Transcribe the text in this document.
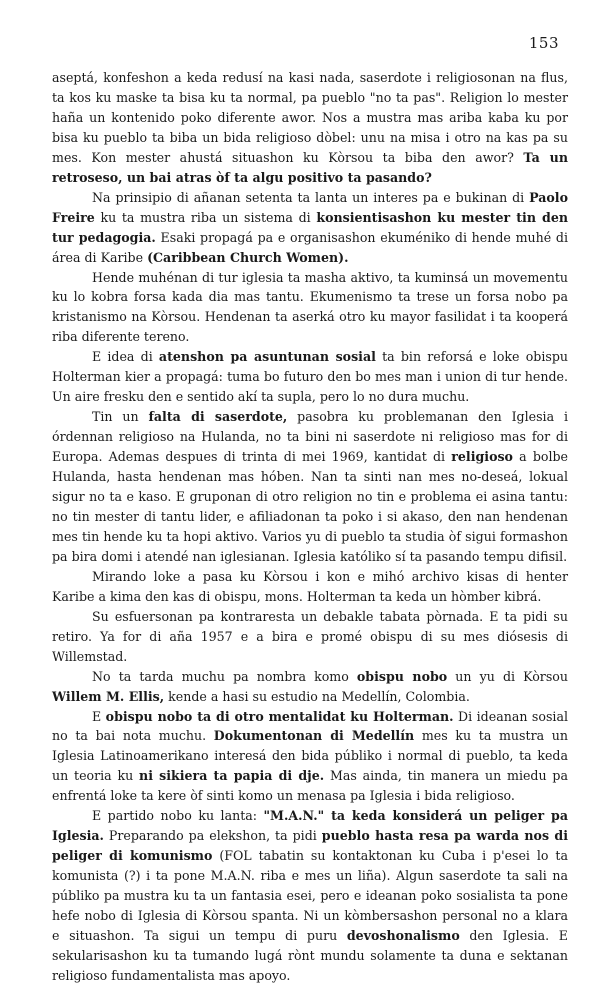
153

aseptá, konfeshon a keda redusí na kasi nada, saserdote i religiosonan na flus, ta kos ku maske ta bisa ku ta normal, pa pueblo "no ta pas". Religion lo mester haña un kontenido poko diferente awor. Nos a mustra mas ariba kaba ku por bisa ku pueblo ta biba un bida religioso dòbel: unu na misa i otro na kas pa su mes. Kon mester ahustá situashon ku Kòrsou ta biba den awor? Ta un retroseso, un bai atras òf ta algu positivo ta pasando?

Na prinsipio di añanan setenta ta lanta un interes pa e bukinan di Paolo Freire ku ta mustra riba un sistema di konsientisashon ku mester tin den tur pedagogia. Esaki propagá pa e organisashon ekuméniko di hende muhé di área di Karibe (Caribbean Church Women).

Hende muhénan di tur iglesia ta masha aktivo, ta kuminsá un movementu ku lo kobra forsa kada dia mas tantu. Ekumenismo ta trese un forsa nobo pa kristanismo na Kòrsou. Hendenan ta aserká otro ku mayor fasilidat i ta kooperá riba diferente tereno.

E idea di atenshon pa asuntunan sosial ta bin reforsá e loke obispu Holterman kier a propagá: tuma bo futuro den bo mes man i union di tur hende. Un aire fresku den e sentido akí ta supla, pero lo no dura muchu.

Tin un falta di saserdote, pasobra ku problemanan den Iglesia i órdennan religioso na Hulanda, no ta bini ni saserdote ni religioso mas for di Europa. Ademas despues di trinta di mei 1969, kantidat di religioso a bolbe Hulanda, hasta hendenan mas hóben. Nan ta sinti nan mes no-deseá, lokual sigur no ta e kaso. E gruponan di otro religion no tin e problema ei asina tantu: no tin mester di tantu lider, e afiliadonan ta poko i si akaso, den nan hendenan mes tin hende ku ta hopi aktivo. Varios yu di pueblo ta studia òf sigui formashon pa bira domi i atendé nan iglesianan. Iglesia katóliko sí ta pasando tempu difisil.

Mirando loke a pasa ku Kòrsou i kon e mihó archivo kisas di henter Karibe a kima den kas di obispu, mons. Holterman ta keda un hòmber kibrá.

Su esfuersonan pa kontraresta un debakle tabata pòrnada. E ta pidi su retiro. Ya for di aña 1957 e a bira e promé obispu di su mes diósesis di Willemstad.

No ta tarda muchu pa nombra komo obispu nobo un yu di Kòrsou Willem M. Ellis, kende a hasi su estudio na Medellín, Colombia.

E obispu nobo ta di otro mentalidat ku Holterman. Di ideanan sosial no ta bai nota muchu. Dokumentonan di Medellín mes ku ta mustra un Iglesia Latinoamerikano interesá den bida públiko i normal di pueblo, ta keda un teoria ku ni sikiera ta papia di dje. Mas ainda, tin manera un miedu pa enfrentá loke ta kere òf sinti komo un menasa pa Iglesia i bida religioso.

E partido nobo ku lanta: "M.A.N." ta keda konsiderá un peliger pa Iglesia. Preparando pa elekshon, ta pidi pueblo hasta resa pa warda nos di peliger di komunismo (FOL tabatin su kontaktonan ku Cuba i p'esei lo ta komunista (?) i ta pone M.A.N. riba e mes un liña). Algun saserdote ta sali na públiko pa mustra ku ta un fantasia esei, pero e ideanan poko sosialista ta pone hefe nobo di Iglesia di Kòrsou spanta. Ni un kòmbersashon personal no a klara e situashon. Ta sigui un tempu di puru devoshonalismo den Iglesia. E sekularisashon ku ta tumando lugá rònt mundu solamente ta duna e sektanan religioso fundamentalista mas apoyo.
